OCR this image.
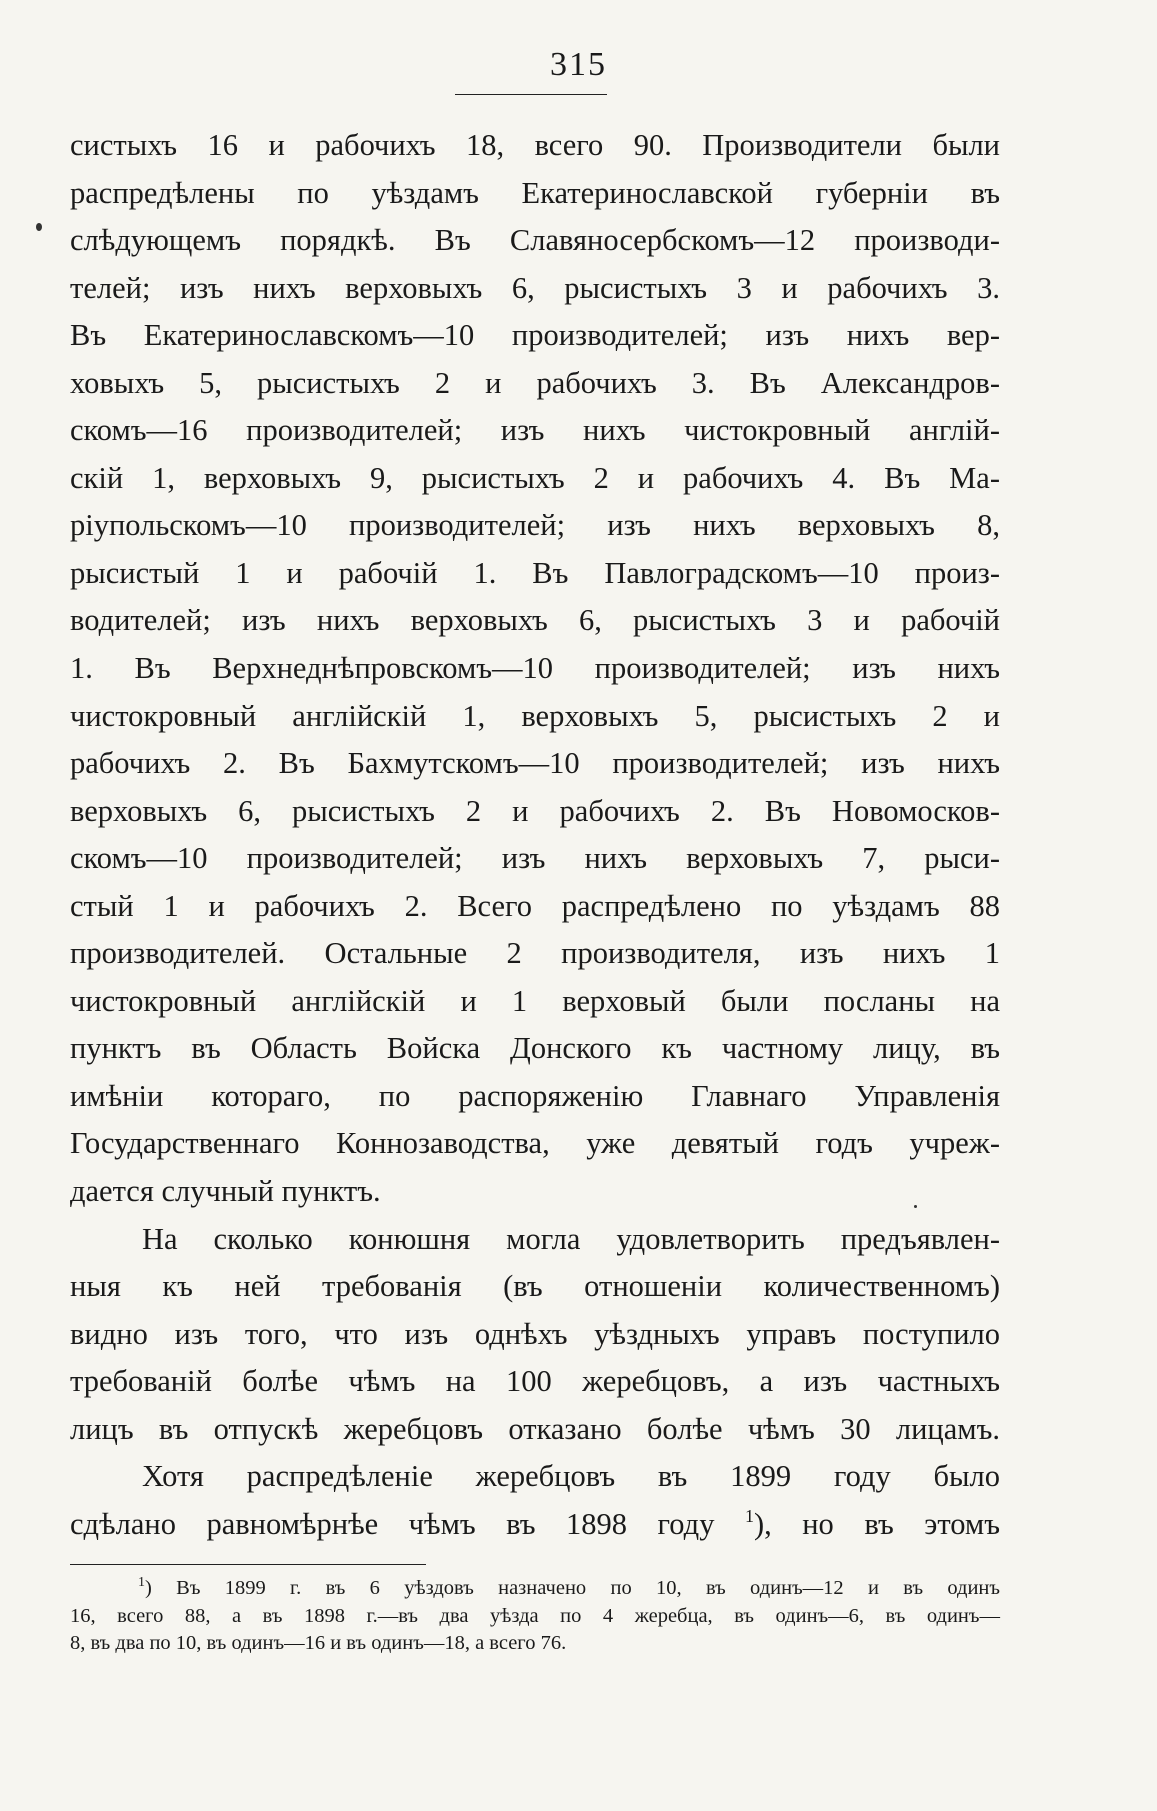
315
систыхъ 16 и рабочихъ 18, всего 90. Производители были
распредѣлены по уѣздамъ Екатеринославской губерніи въ
слѣдующемъ порядкѣ. Въ Славяносербскомъ—12 производи-
телей; изъ нихъ верховыхъ 6, рысистыхъ 3 и рабочихъ 3.
Въ Екатеринославскомъ—10 производителей; изъ нихъ вер-
ховыхъ 5, рысистыхъ 2 и рабочихъ 3. Въ Александров-
скомъ—16 производителей; изъ нихъ чистокровный англій-
скій 1, верховыхъ 9, рысистыхъ 2 и рабочихъ 4. Въ Ма-
ріупольскомъ—10 производителей; изъ нихъ верховыхъ 8,
рысистый 1 и рабочій 1. Въ Павлоградскомъ—10 произ-
водителей; изъ нихъ верховыхъ 6, рысистыхъ 3 и рабочій
1. Въ Верхнеднѣпровскомъ—10 производителей; изъ нихъ
чистокровный англійскій 1, верховыхъ 5, рысистыхъ 2 и
рабочихъ 2. Въ Бахмутскомъ—10 производителей; изъ нихъ
верховыхъ 6, рысистыхъ 2 и рабочихъ 2. Въ Новомосков-
скомъ—10 производителей; изъ нихъ верховыхъ 7, рыси-
стый 1 и рабочихъ 2. Всего распредѣлено по уѣздамъ 88
производителей. Остальные 2 производителя, изъ нихъ 1
чистокровный англійскій и 1 верховый были посланы на
пунктъ въ Область Войска Донского къ частному лицу, въ
имѣніи котораго, по распоряженію Главнаго Управленія
Государственнаго Коннозаводства, уже девятый годъ учреж-
дается случный пунктъ.
На сколько конюшня могла удовлетворить предъявлен-
ныя къ ней требованія (въ отношеніи количественномъ)
видно изъ того, что изъ однѣхъ уѣздныхъ управъ поступило
требованій болѣе чѣмъ на 100 жеребцовъ, а изъ частныхъ
лицъ въ отпускѣ жеребцовъ отказано болѣе чѣмъ 30 лицамъ.
Хотя распредѣленіе жеребцовъ въ 1899 году было
сдѣлано равномѣрнѣе чѣмъ въ 1898 году $^1$), но въ этомъ
$^1$) Въ 1899 г. въ 6 уѣздовъ назначено по 10, въ одинъ—12 и въ одинъ
16, всего 88, а въ 1898 г.—въ два уѣзда по 4 жеребца, въ одинъ—6, въ одинъ—
8, въ два по 10, въ одинъ—16 и въ одинъ—18, а всего 76.
